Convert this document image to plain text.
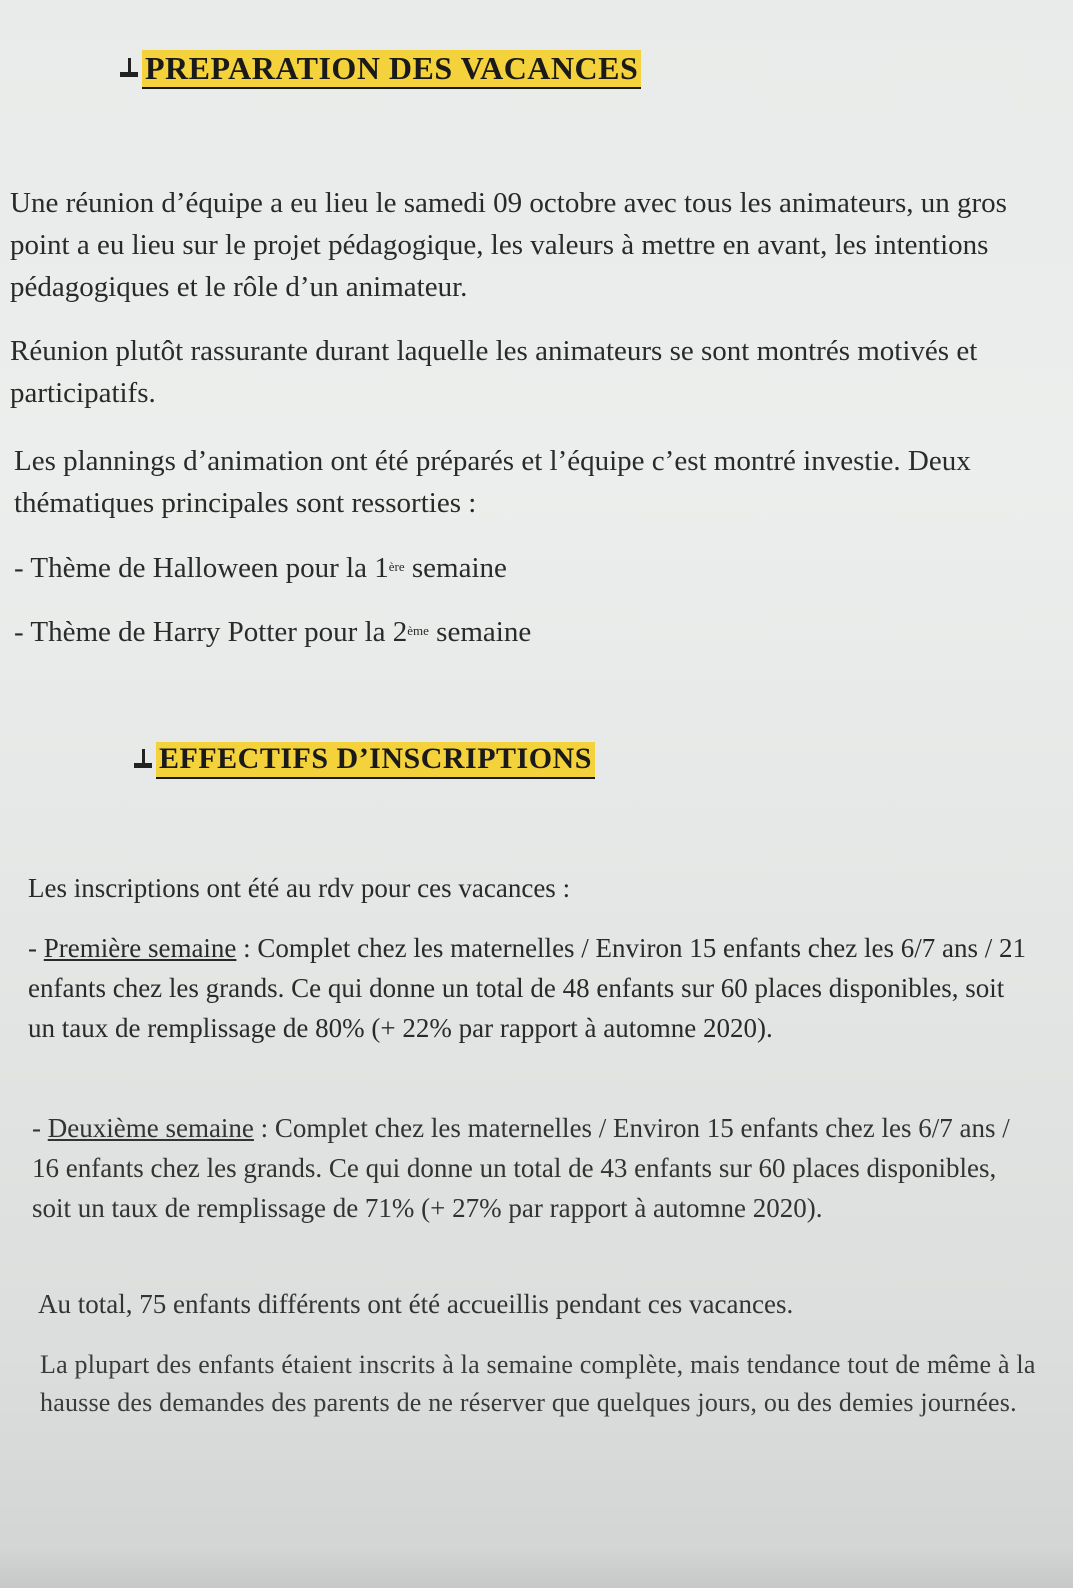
PREPARATION DES VACANCES

Une réunion d’équipe a eu lieu le samedi 09 octobre avec tous les animateurs, un gros point a eu lieu sur le projet pédagogique, les valeurs à mettre en avant, les intentions pédagogiques et le rôle d’un animateur.

Réunion plutôt rassurante durant laquelle les animateurs se sont montrés motivés et participatifs.

Les plannings d’animation ont été préparés et l’équipe c’est montré investie. Deux thématiques principales sont ressorties :

- Thème de Halloween pour la 1ère semaine
- Thème de Harry Potter pour la 2ème semaine
EFFECTIFS D’INSCRIPTIONS

Les inscriptions ont été au rdv pour ces vacances :

- Première semaine : Complet chez les maternelles / Environ 15 enfants chez les 6/7 ans / 21 enfants chez les grands. Ce qui donne un total de 48 enfants sur 60 places disponibles, soit un taux de remplissage de 80% (+ 22% par rapport à automne 2020).
- Deuxième semaine : Complet chez les maternelles / Environ 15 enfants chez les 6/7 ans / 16 enfants chez les grands. Ce qui donne un total de 43 enfants sur 60 places disponibles, soit un taux de remplissage de 71% (+ 27% par rapport à automne 2020).

Au total, 75 enfants différents ont été accueillis pendant ces vacances.

La plupart des enfants étaient inscrits à la semaine complète, mais tendance tout de même à la hausse des demandes des parents de ne réserver que quelques jours, ou des demies journées.
